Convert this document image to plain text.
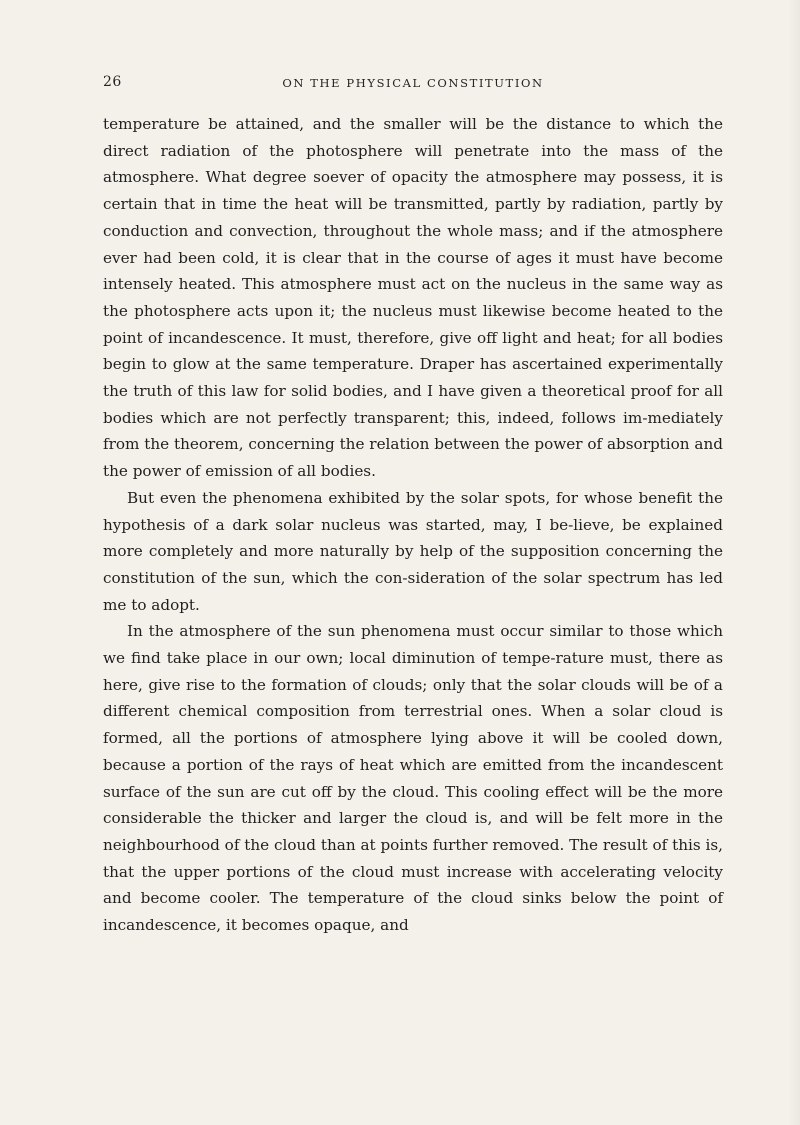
26	ON THE PHYSICAL CONSTITUTION

temperature be attained, and the smaller will be the distance to which the direct radiation of the photosphere will penetrate into the mass of the atmosphere. What degree soever of opacity the atmosphere may possess, it is certain that in time the heat will be transmitted, partly by radiation, partly by conduction and convection, throughout the whole mass; and if the atmosphere ever had been cold, it is clear that in the course of ages it must have become intensely heated. This atmosphere must act on the nucleus in the same way as the photosphere acts upon it; the nucleus must likewise become heated to the point of incandescence. It must, therefore, give off light and heat; for all bodies begin to glow at the same temperature. Draper has ascertained experimentally the truth of this law for solid bodies, and I have given a theoretical proof for all bodies which are not perfectly transparent; this, indeed, follows im-mediately from the theorem, concerning the relation between the power of absorption and the power of emission of all bodies.

But even the phenomena exhibited by the solar spots, for whose benefit the hypothesis of a dark solar nucleus was started, may, I be-lieve, be explained more completely and more naturally by help of the supposition concerning the constitution of the sun, which the con-sideration of the solar spectrum has led me to adopt.

In the atmosphere of the sun phenomena must occur similar to those which we find take place in our own; local diminution of tempe-rature must, there as here, give rise to the formation of clouds; only that the solar clouds will be of a different chemical composition from terrestrial ones. When a solar cloud is formed, all the portions of atmosphere lying above it will be cooled down, because a portion of the rays of heat which are emitted from the incandescent surface of the sun are cut off by the cloud. This cooling effect will be the more considerable the thicker and larger the cloud is, and will be felt more in the neighbourhood of the cloud than at points further removed. The result of this is, that the upper portions of the cloud must increase with accelerating velocity and become cooler. The temperature of the cloud sinks below the point of incandescence, it becomes opaque, and
